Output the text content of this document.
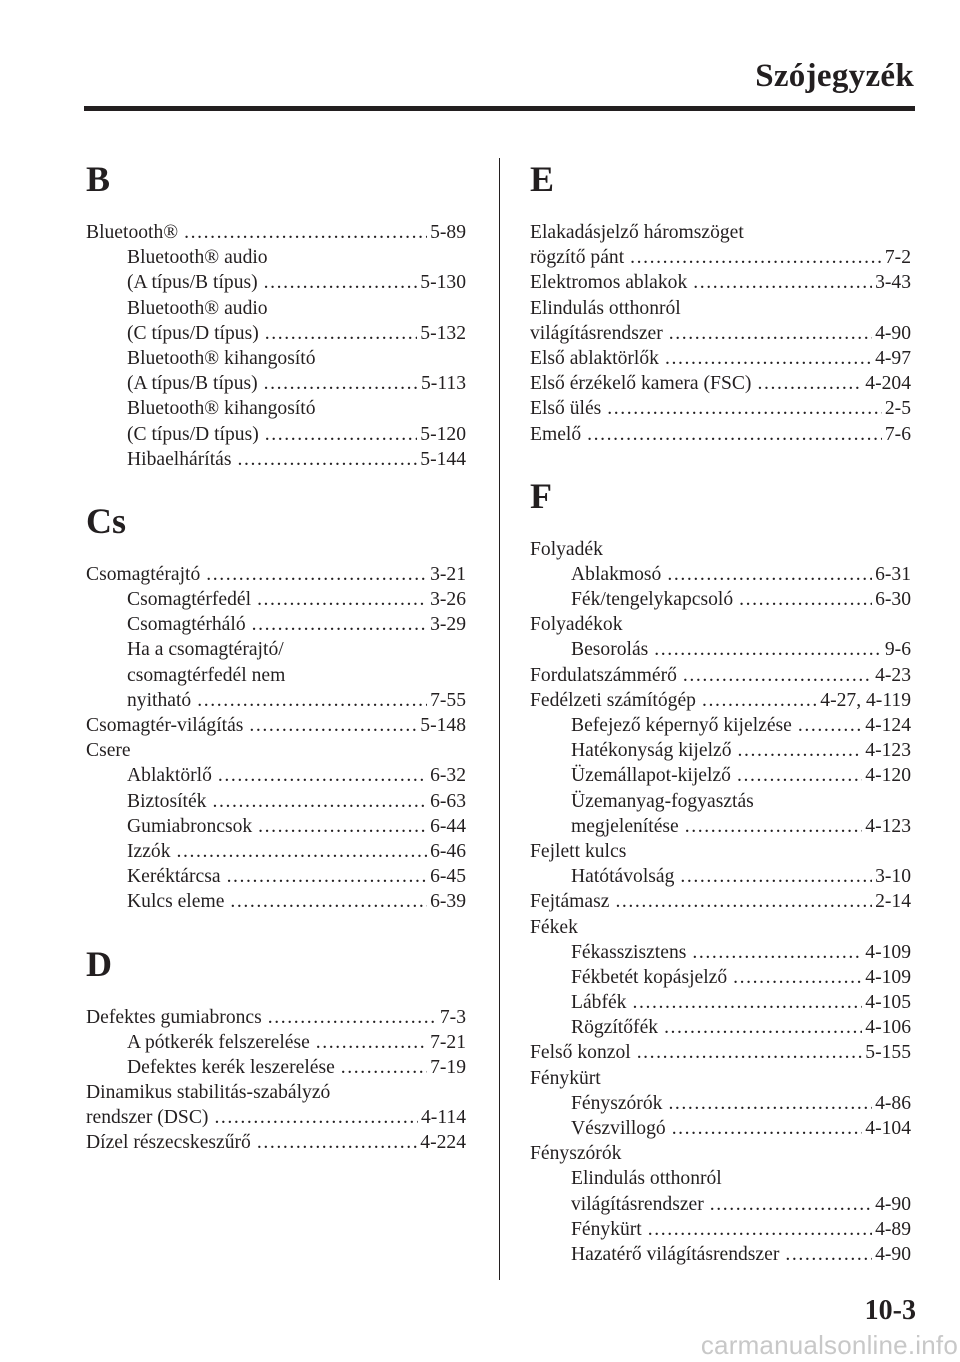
Szójegyzék
B
Bluetooth® .....	5-89
Bluetooth® audio
(A típus/B típus) .....	5-130
Bluetooth® audio
(C típus/D típus) .....	5-132
Bluetooth® kihangosító
(A típus/B típus) .....	5-113
Bluetooth® kihangosító
(C típus/D típus) .....	5-120
Hibaelhárítás .....	5-144
Cs
Csomagtérajtó .....	3-21
Csomagtérfedél .....	3-26
Csomagtérháló .....	3-29
Ha a csomagtérajtó/
csomagtérfedél nem
nyitható .....	7-55
Csomagtér-világítás .....	5-148
Csere
Ablaktörlő .....	6-32
Biztosíték .....	6-63
Gumiabroncsok .....	6-44
Izzók .....	6-46
Keréktárcsa .....	6-45
Kulcs eleme .....	6-39
D
Defektes gumiabroncs .....	7-3
A pótkerék felszerelése .....	7-21
Defektes kerék leszerelése .....	7-19
Dinamikus stabilitás-szabályzó
rendszer (DSC) .....	4-114
Dízel részecskeszűrő .....	4-224
E
Elakadásjelző háromszöget
rögzítő pánt .....	7-2
Elektromos ablakok .....	3-43
Elindulás otthonról
világításrendszer .....	4-90
Első ablaktörlők .....	4-97
Első érzékelő kamera (FSC) .....	4-204
Első ülés .....	2-5
Emelő .....	7-6
F
Folyadék
Ablakmosó .....	6-31
Fék/tengelykapcsoló .....	6-30
Folyadékok
Besorolás .....	9-6
Fordulatszámmérő .....	4-23
Fedélzeti számítógép .....	4-27, 4-119
Befejező képernyő kijelzése .....	4-124
Hatékonyság kijelző .....	4-123
Üzemállapot-kijelző .....	4-120
Üzemanyag-fogyasztás
megjelenítése .....	4-123
Fejlett kulcs
Hatótávolság .....	3-10
Fejtámasz .....	2-14
Fékek
Fékasszisztens .....	4-109
Fékbetét kopásjelző .....	4-109
Lábfék .....	4-105
Rögzítőfék .....	4-106
Felső konzol .....	5-155
Fénykürt
Fényszórók .....	4-86
Vészvillogó .....	4-104
Fényszórók
Elindulás otthonról
világításrendszer .....	4-90
Fénykürt .....	4-89
Hazatérő világításrendszer .....	4-90
10-3
carmanualsonline.info
